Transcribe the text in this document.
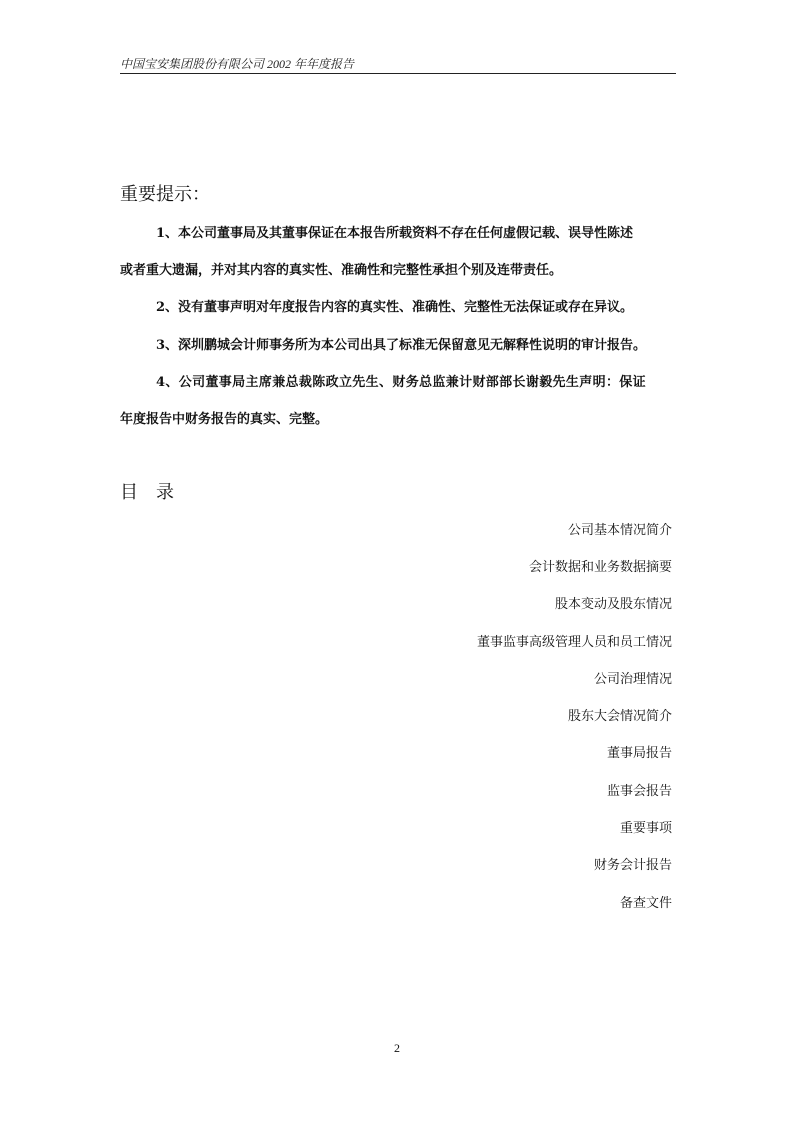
中国宝安集团股份有限公司 2002 年年度报告
重要提示：
1、本公司董事局及其董事保证在本报告所载资料不存在任何虚假记载、误导性陈述
或者重大遗漏，并对其内容的真实性、准确性和完整性承担个别及连带责任。
2、没有董事声明对年度报告内容的真实性、准确性、完整性无法保证或存在异议。
3、深圳鹏城会计师事务所为本公司出具了标准无保留意见无解释性说明的审计报告。
4、公司董事局主席兼总裁陈政立先生、财务总监兼计财部部长谢毅先生声明：保证
年度报告中财务报告的真实、完整。
目录
公司基本情况简介
会计数据和业务数据摘要
股本变动及股东情况
董事监事高级管理人员和员工情况
公司治理情况
股东大会情况简介
董事局报告
监事会报告
重要事项
财务会计报告
备查文件
2
